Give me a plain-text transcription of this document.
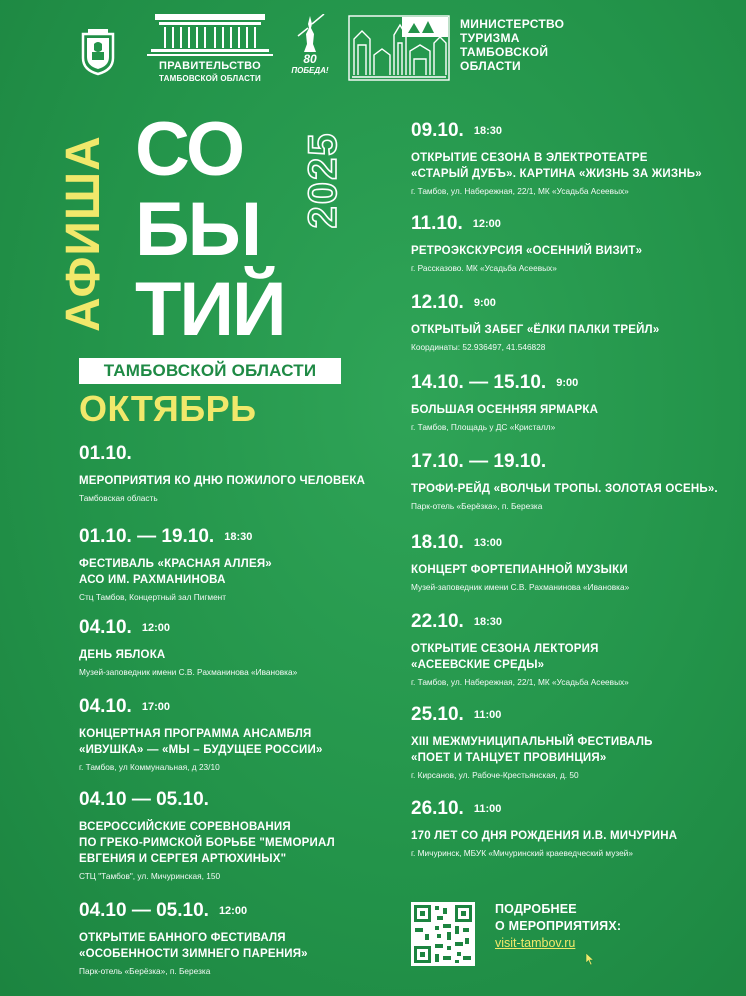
ПРАВИТЕЛЬСТВО
ТАМБОВСКОЙ ОБЛАСТИ
80
ПОБЕДА!
МИНИСТЕРСТВО
ТУРИЗМА
ТАМБОВСКОЙ
ОБЛАСТИ
АФИША СО
БЫ
ТИЙ
2025
ТАМБОВСКОЙ ОБЛАСТИ
ОКТЯБРЬ
01.10.
МЕРОПРИЯТИЯ КО ДНЮ ПОЖИЛОГО ЧЕЛОВЕКА
Тамбовская область
01.10. — 19.10. 18:30
ФЕСТИВАЛЬ «КРАСНАЯ АЛЛЕЯ»
АСО ИМ. РАХМАНИНОВА
Стц Тамбов, Концертный зал Пигмент
04.10. 12:00
ДЕНЬ ЯБЛОКА
Музей-заповедник имени С.В. Рахманинова «Ивановка»
04.10. 17:00
КОНЦЕРТНАЯ ПРОГРАММА АНСАМБЛЯ
«ИВУШКА» — «МЫ – БУДУЩЕЕ РОССИИ»
г. Тамбов, ул Коммунальная, д 23/10
04.10 — 05.10.
ВСЕРОССИЙСКИЕ СОРЕВНОВАНИЯ
ПО ГРЕКО-РИМСКОЙ БОРЬБЕ "МЕМОРИАЛ
ЕВГЕНИЯ И СЕРГЕЯ АРТЮХИНЫХ"
СТЦ "Тамбов", ул. Мичуринская, 150
04.10 — 05.10. 12:00
ОТКРЫТИЕ БАННОГО ФЕСТИВАЛЯ
«ОСОБЕННОСТИ ЗИМНЕГО ПАРЕНИЯ»
Парк-отель «Берёзка», п. Березка
09.10. 18:30
ОТКРЫТИЕ СЕЗОНА В ЭЛЕКТРОТЕАТРЕ
«СТАРЫЙ ДУБЪ». КАРТИНА «ЖИЗНЬ ЗА ЖИЗНЬ»
г. Тамбов, ул. Набережная, 22/1, МК «Усадьба Асеевых»
11.10. 12:00
РЕТРОЭКСКУРСИЯ «ОСЕННИЙ ВИЗИТ»
г. Рассказово. МК «Усадьба Асеевых»
12.10. 9:00
ОТКРЫТЫЙ ЗАБЕГ «ЁЛКИ ПАЛКИ ТРЕЙЛ»
Координаты: 52.936497, 41.546828
14.10. — 15.10. 9:00
БОЛЬШАЯ ОСЕННЯЯ ЯРМАРКА
г. Тамбов, Площадь у ДС «Кристалл»
17.10. — 19.10.
ТРОФИ-РЕЙД «ВОЛЧЬИ ТРОПЫ. ЗОЛОТАЯ ОСЕНЬ».
Парк-отель «Берёзка», п. Березка
18.10. 13:00
КОНЦЕРТ ФОРТЕПИАННОЙ МУЗЫКИ
Музей-заповедник имени С.В. Рахманинова «Ивановка»
22.10. 18:30
ОТКРЫТИЕ СЕЗОНА ЛЕКТОРИЯ
«АСЕЕВСКИЕ СРЕДЫ»
г. Тамбов, ул. Набережная, 22/1, МК «Усадьба Асеевых»
25.10. 11:00
XIII МЕЖМУНИЦИПАЛЬНЫЙ ФЕСТИВАЛЬ
«ПОЕТ И ТАНЦУЕТ ПРОВИНЦИЯ»
г. Кирсанов, ул. Рабоче-Крестьянская, д. 50
26.10. 11:00
170 ЛЕТ СО ДНЯ РОЖДЕНИЯ И.В. МИЧУРИНА
г. Мичуринск, МБУК «Мичуринский краеведческий музей»
ПОДРОБНЕЕ
О МЕРОПРИЯТИЯХ:
visit-tambov.ru
